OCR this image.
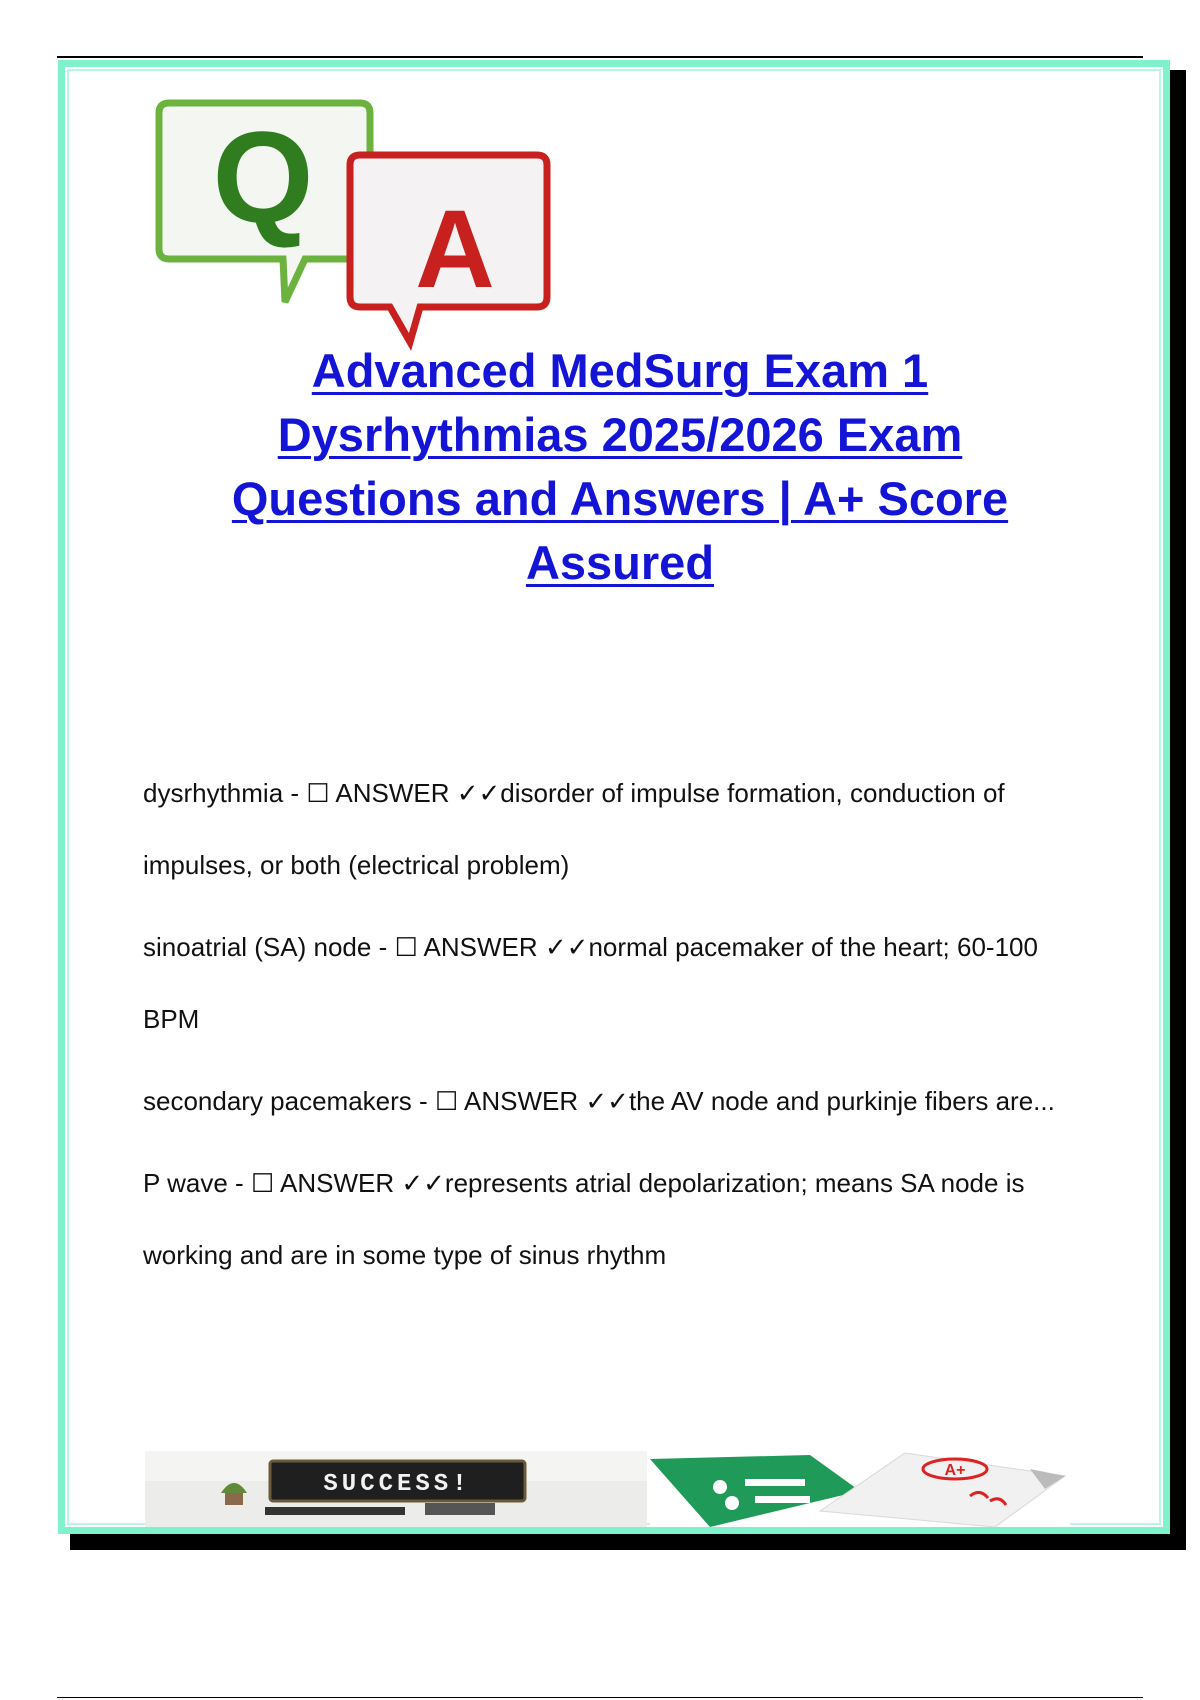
Q A
Advanced MedSurg Exam 1 Dysrhythmias 2025/2026 Exam Questions and Answers | A+ Score Assured

dysrhythmia - ☐ ANSWER ✓✓disorder of impulse formation, conduction of impulses, or both (electrical problem)

sinoatrial (SA) node - ☐ ANSWER ✓✓normal pacemaker of the heart; 60-100 BPM

secondary pacemakers - ☐ ANSWER ✓✓the AV node and purkinje fibers are...

P wave - ☐ ANSWER ✓✓represents atrial depolarization; means SA node is working and are in some type of sinus rhythm

SUCCESS!
A+
